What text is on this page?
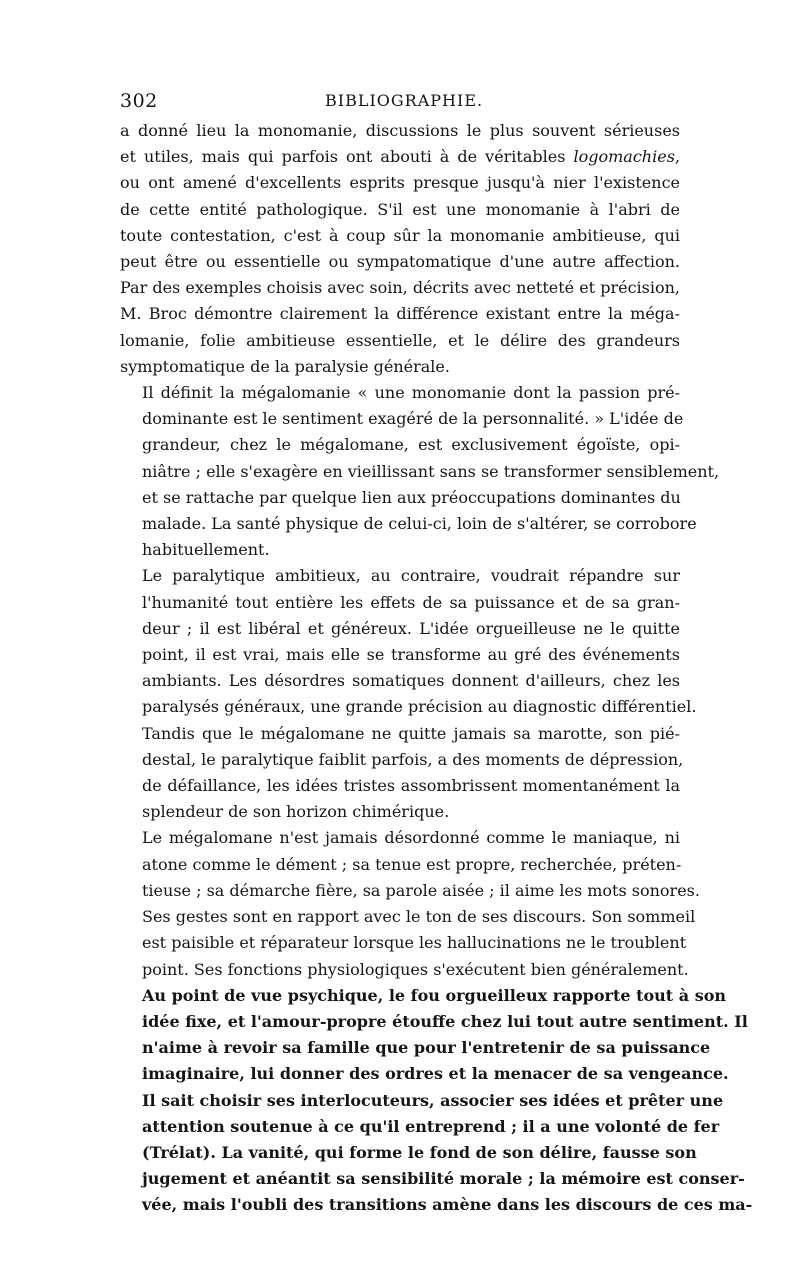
302	BIBLIOGRAPHIE.
a donné lieu la monomanie, discussions le plus souvent sérieuses
et utiles, mais qui parfois ont abouti à de véritables logomachies,
ou ont amené d'excellents esprits presque jusqu'à nier l'existence
de cette entité pathologique. S'il est une monomanie à l'abri de
toute contestation, c'est à coup sûr la monomanie ambitieuse, qui
peut être ou essentielle ou sympatomatique d'une autre affection.
Par des exemples choisis avec soin, décrits avec netteté et précision,
M. Broc démontre clairement la différence existant entre la méga-
lomanie, folie ambitieuse essentielle, et le délire des grandeurs
symptomatique de la paralysie générale.
Il définit la mégalomanie « une monomanie dont la passion pré-
dominante est le sentiment exagéré de la personnalité. » L'idée de
grandeur, chez le mégalomane, est exclusivement égoïste, opi-
niâtre ; elle s'exagère en vieillissant sans se transformer sensiblement,
et se rattache par quelque lien aux préoccupations dominantes du
malade. La santé physique de celui-ci, loin de s'altérer, se corrobore
habituellement.
Le paralytique ambitieux, au contraire, voudrait répandre sur
l'humanité tout entière les effets de sa puissance et de sa gran-
deur ; il est libéral et généreux. L'idée orgueilleuse ne le quitte
point, il est vrai, mais elle se transforme au gré des événements
ambiants. Les désordres somatiques donnent d'ailleurs, chez les
paralysés généraux, une grande précision au diagnostic différentiel.
Tandis que le mégalomane ne quitte jamais sa marotte, son pié-
destal, le paralytique faiblit parfois, a des moments de dépression,
de défaillance, les idées tristes assombrissent momentanément la
splendeur de son horizon chimérique.
Le mégalomane n'est jamais désordonné comme le maniaque, ni
atone comme le dément ; sa tenue est propre, recherchée, préten-
tieuse ; sa démarche fière, sa parole aisée ; il aime les mots sonores.
Ses gestes sont en rapport avec le ton de ses discours. Son sommeil
est paisible et réparateur lorsque les hallucinations ne le troublent
point. Ses fonctions physiologiques s'exécutent bien généralement.
Au point de vue psychique, le fou orgueilleux rapporte tout à son
idée fixe, et l'amour-propre étouffe chez lui tout autre sentiment. Il
n'aime à revoir sa famille que pour l'entretenir de sa puissance
imaginaire, lui donner des ordres et la menacer de sa vengeance.
Il sait choisir ses interlocuteurs, associer ses idées et prêter une
attention soutenue à ce qu'il entreprend ; il a une volonté de fer
(Trélat). La vanité, qui forme le fond de son délire, fausse son
jugement et anéantit sa sensibilité morale ; la mémoire est conser-
vée, mais l'oubli des transitions amène dans les discours de ces ma-
